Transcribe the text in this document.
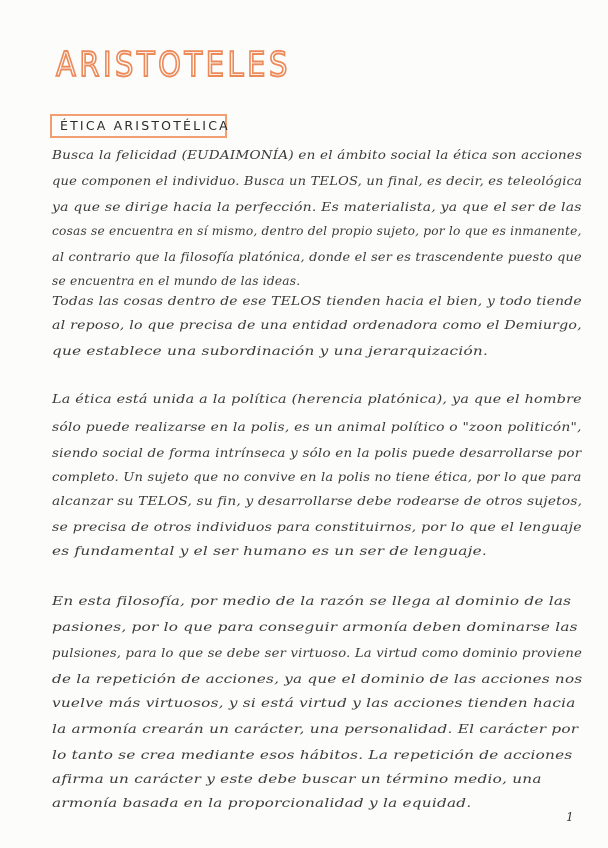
ARISTOTELES
ÉTICA ARISTOTÉLICA
Busca la felicidad (EUDAIMONÍA) en el ámbito social la ética son acciones
que componen el individuo. Busca un TELOS, un final, es decir, es teleológica
ya que se dirige hacia la perfección. Es materialista, ya que el ser de las
cosas se encuentra en sí mismo, dentro del propio sujeto, por lo que es inmanente,
al contrario que la filosofía platónica, donde el ser es trascendente puesto que
se encuentra en el mundo de las ideas.
Todas las cosas dentro de ese TELOS tienden hacia el bien, y todo tiende
al reposo, lo que precisa de una entidad ordenadora como el Demiurgo,
que establece una subordinación y una jerarquización.
La ética está unida a la política (herencia platónica), ya que el hombre
sólo puede realizarse en la polis, es un animal político o "zoon politicón",
siendo social de forma intrínseca y sólo en la polis puede desarrollarse por
completo. Un sujeto que no convive en la polis no tiene ética, por lo que para
alcanzar su TELOS, su fin, y desarrollarse debe rodearse de otros sujetos,
se precisa de otros individuos para constituirnos, por lo que el lenguaje
es fundamental y el ser humano es un ser de lenguaje.
En esta filosofía, por medio de la razón se llega al dominio de las
pasiones, por lo que para conseguir armonía deben dominarse las
pulsiones, para lo que se debe ser virtuoso. La virtud como dominio proviene
de la repetición de acciones, ya que el dominio de las acciones nos
vuelve más virtuosos, y si está virtud y las acciones tienden hacia
la armonía crearán un carácter, una personalidad. El carácter por
lo tanto se crea mediante esos hábitos. La repetición de acciones
afirma un carácter y este debe buscar un término medio, una
armonía basada en la proporcionalidad y la equidad.
1
